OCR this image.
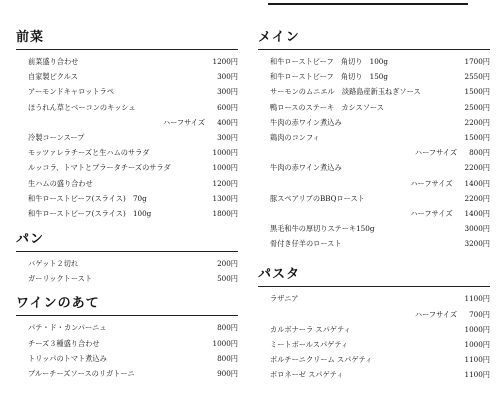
前菜
前菜盛り合わせ	1200円
自家製ピクルス	300円
アーモンドキャロットラペ	300円
ほうれん草とベーコンのキッシュ	600円
ハーフサイズ	400円
冷製コーンスープ	300円
モッツァレラチーズと生ハムのサラダ	1000円
ルッコラ、トマトとブラータチーズのサラダ	1000円
生ハムの盛り合わせ	1200円
和牛ローストビーフ(スライス)　70g	1300円
和牛ローストビーフ(スライス)　100g	1800円
パン
バゲット２切れ	200円
ガーリックトースト	500円
ワインのあて
パテ・ド・カンパーニュ	800円
チーズ３種盛り合わせ	1000円
トリッパのトマト煮込み	800円
ブルーチーズソースのリガトーニ	900円
メイン
和牛ローストビーフ　角切り　100g	1700円
和牛ローストビーフ　角切り　150g	2550円
サーモンのムニエル　淡路島産新玉ねぎソース	1500円
鴨ロースのステーキ　カシスソース	2500円
牛肉の赤ワイン煮込み	2200円
鶏肉のコンフィ	1500円
ハーフサイズ	800円
牛肉の赤ワイン煮込み	2200円
ハーフサイズ	1400円
豚スペアリブのBBQロースト	2200円
ハーフサイズ	1400円
黒毛和牛の厚切りステーキ150g	3000円
骨付き仔羊のロースト	3200円
パスタ
ラザニア	1100円
ハーフサイズ	700円
カルボナーラ スパゲティ	1000円
ミートボールスパゲティ	1000円
ポルチーニクリーム スパゲティ	1100円
ボロネーゼ スパゲティ	1100円
